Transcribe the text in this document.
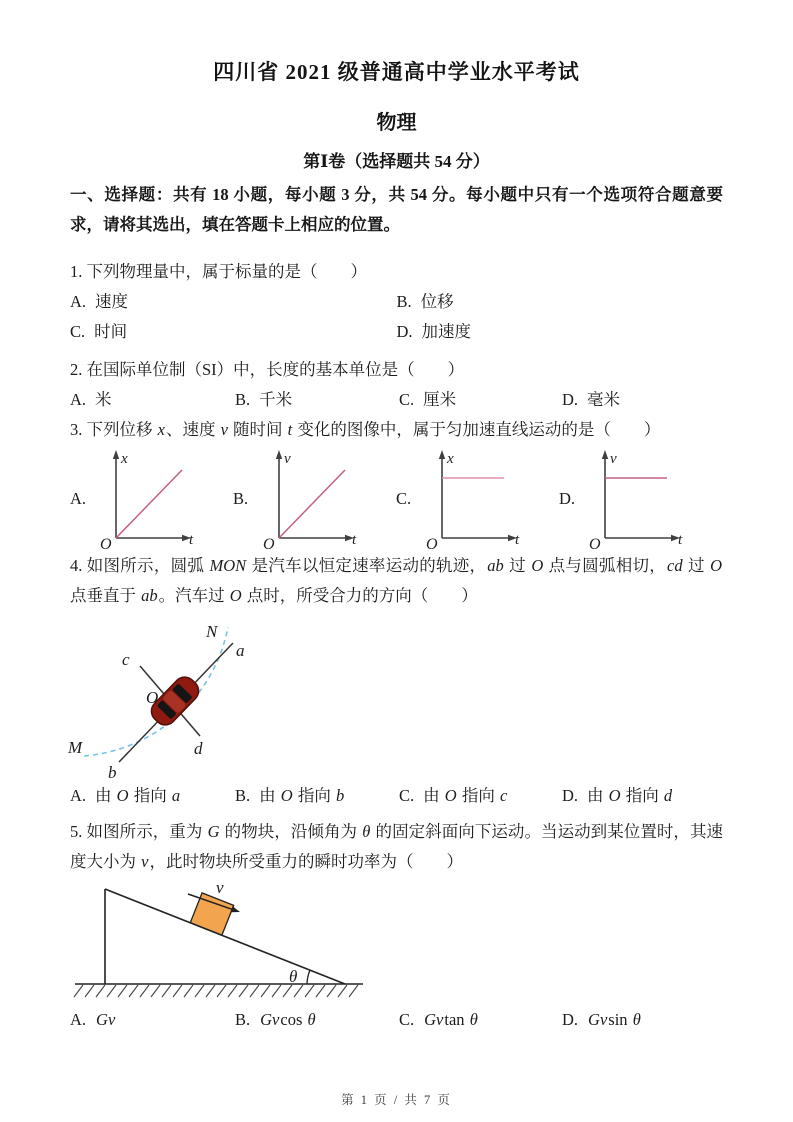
四川省 2021 级普通高中学业水平考试
物理
第Ⅰ卷（选择题共 54 分）

一、选择题：共有 18 小题，每小题 3 分，共 54 分。每小题中只有一个选项符合题意要求，请将其选出，填在答题卡上相应的位置。

1. 下列物理量中，属于标量的是（　　）

A. 速度	B. 位移
C. 时间	D. 加速度

2. 在国际单位制（SI）中，长度的基本单位是（　　）

A. 米	B. 千米	C. 厘米	D. 毫米

3. 下列位移 x、速度 v 随时间 t 变化的图像中，属于匀加速直线运动的是（　　）

A.
x
t
O
B.
v
t
O
C.
x
t
O
D.
v
t
O

4. 如图所示，圆弧 MON 是汽车以恒定速率运动的轨迹，ab 过 O 点与圆弧相切，cd 过 O 点垂直于 ab。汽车过 O 点时，所受合力的方向（　　）

N
a
c
O
M
b
d
A. 由 O 指向 a	B. 由 O 指向 b	C. 由 O 指向 c	D. 由 O 指向 d

5. 如图所示，重为 G 的物块，沿倾角为 θ 的固定斜面向下运动。当运动到某位置时，其速度大小为 v，此时物块所受重力的瞬时功率为（　　）

v
θ
A. Gv	B. Gvcos θ	C. Gvtan θ	D. Gvsin θ
第 1 页 / 共 7 页
